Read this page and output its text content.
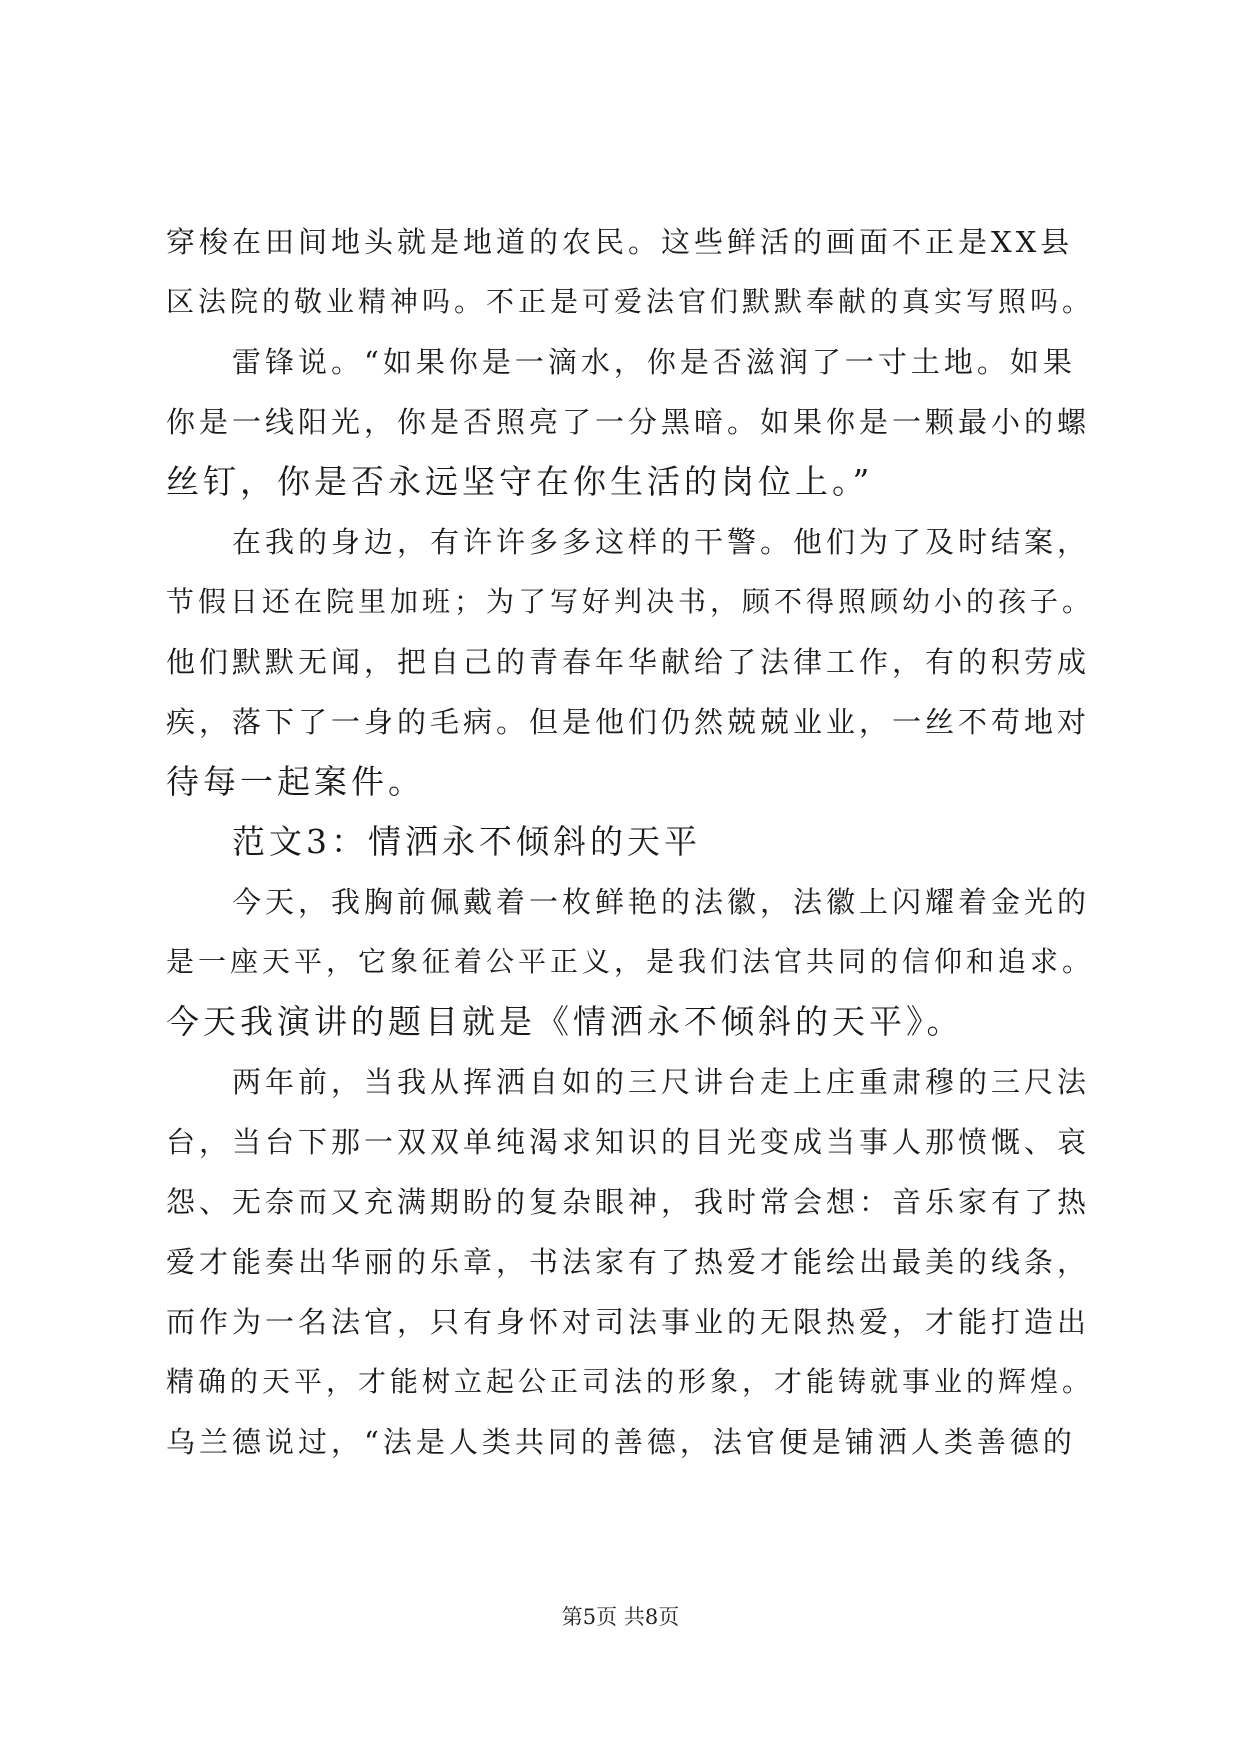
穿梭在田间地头就是地道的农民。这些鲜活的画面不正是XX县
区法院的敬业精神吗。不正是可爱法官们默默奉献的真实写照吗。
雷锋说。“如果你是一滴水，你是否滋润了一寸土地。如果
你是一线阳光，你是否照亮了一分黑暗。如果你是一颗最小的螺
丝钉，你是否永远坚守在你生活的岗位上。”
在我的身边，有许许多多这样的干警。他们为了及时结案，
节假日还在院里加班；为了写好判决书，顾不得照顾幼小的孩子。
他们默默无闻，把自己的青春年华献给了法律工作，有的积劳成
疾，落下了一身的毛病。但是他们仍然兢兢业业，一丝不苟地对
待每一起案件。
范文3：情洒永不倾斜的天平
今天，我胸前佩戴着一枚鲜艳的法徽，法徽上闪耀着金光的
是一座天平，它象征着公平正义，是我们法官共同的信仰和追求。
今天我演讲的题目就是《情洒永不倾斜的天平》。
两年前，当我从挥洒自如的三尺讲台走上庄重肃穆的三尺法
台，当台下那一双双单纯渴求知识的目光变成当事人那愤慨、哀
怨、无奈而又充满期盼的复杂眼神，我时常会想：音乐家有了热
爱才能奏出华丽的乐章，书法家有了热爱才能绘出最美的线条，
而作为一名法官，只有身怀对司法事业的无限热爱，才能打造出
精确的天平，才能树立起公正司法的形象，才能铸就事业的辉煌。
乌兰德说过，“法是人类共同的善德，法官便是铺洒人类善德的
第5页 共8页
